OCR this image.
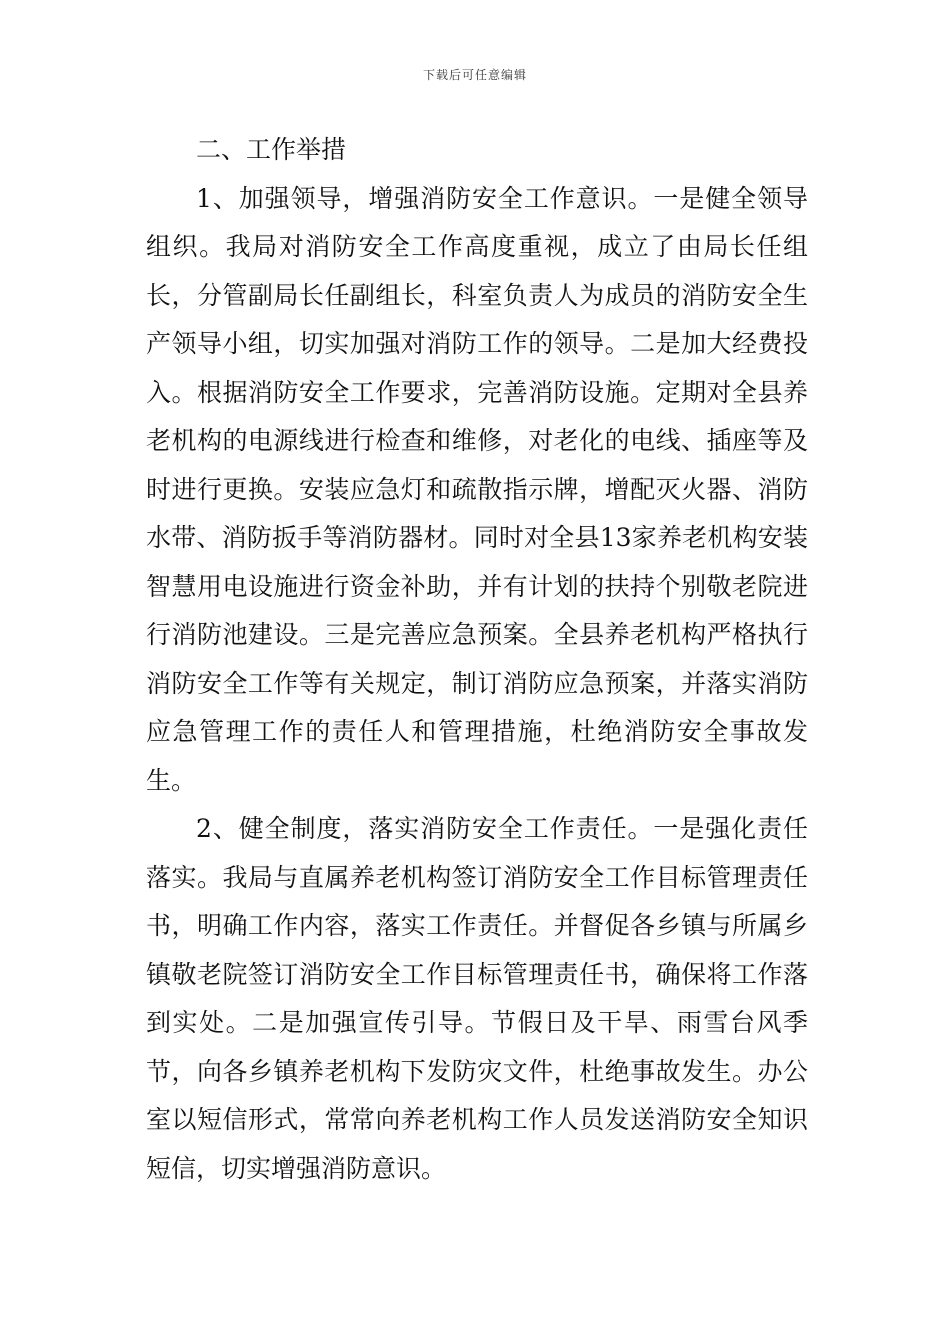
下载后可任意编辑

二、工作举措

1、加强领导，增强消防安全工作意识。一是健全领导组织。我局对消防安全工作高度重视，成立了由局长任组长，分管副局长任副组长，科室负责人为成员的消防安全生产领导小组，切实加强对消防工作的领导。二是加大经费投入。根据消防安全工作要求，完善消防设施。定期对全县养老机构的电源线进行检查和维修，对老化的电线、插座等及时进行更换。安装应急灯和疏散指示牌，增配灭火器、消防水带、消防扳手等消防器材。同时对全县13家养老机构安装智慧用电设施进行资金补助，并有计划的扶持个别敬老院进行消防池建设。三是完善应急预案。全县养老机构严格执行消防安全工作等有关规定，制订消防应急预案，并落实消防应急管理工作的责任人和管理措施，杜绝消防安全事故发生。

2、健全制度，落实消防安全工作责任。一是强化责任落实。我局与直属养老机构签订消防安全工作目标管理责任书，明确工作内容，落实工作责任。并督促各乡镇与所属乡镇敬老院签订消防安全工作目标管理责任书，确保将工作落到实处。二是加强宣传引导。节假日及干旱、雨雪台风季节，向各乡镇养老机构下发防灾文件，杜绝事故发生。办公室以短信形式，常常向养老机构工作人员发送消防安全知识短信，切实增强消防意识。
